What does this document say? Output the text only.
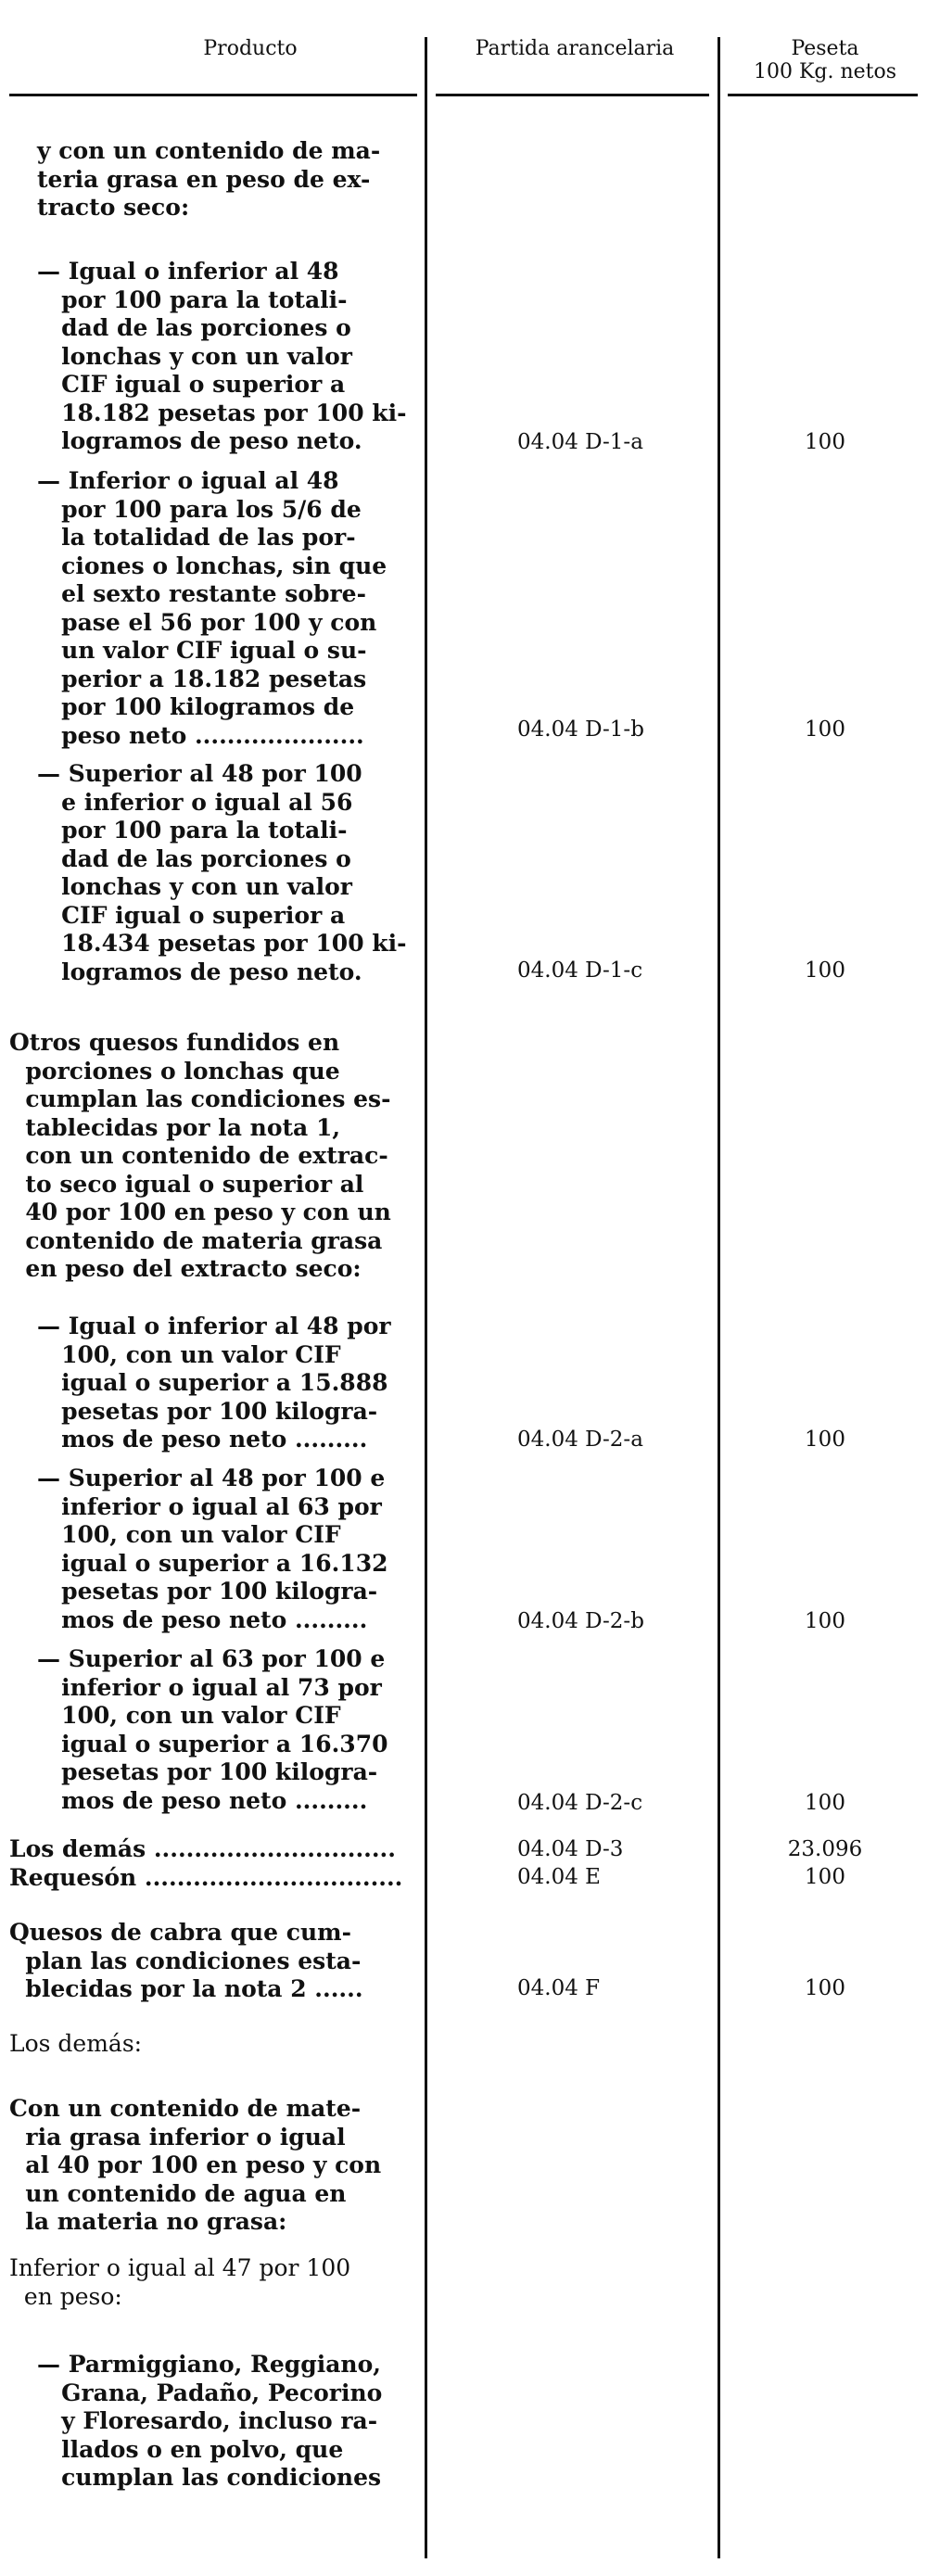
Producto	Partida arancelaria	Peseta
100 Kg. netos
y con un contenido de ma-
teria grasa en peso de ex-
tracto seco:
— Igual o inferior al 48
por 100 para la totali-
dad de las porciones o
lonchas y con un valor
CIF igual o superior a
18.182 pesetas por 100 ki-
logramos de peso neto.
— Inferior o igual al 48
por 100 para los 5/6 de
la totalidad de las por-
ciones o lonchas, sin que
el sexto restante sobre-
pase el 56 por 100 y con
un valor CIF igual o su-
perior a 18.182 pesetas
por 100 kilogramos de
peso neto .....................
— Superior al 48 por 100
e inferior o igual al 56
por 100 para la totali-
dad de las porciones o
lonchas y con un valor
CIF igual o superior a
18.434 pesetas por 100 ki-
logramos de peso neto.
Otros quesos fundidos en
porciones o lonchas que
cumplan las condiciones es-
tablecidas por la nota 1,
con un contenido de extrac-
to seco igual o superior al
40 por 100 en peso y con un
contenido de materia grasa
en peso del extracto seco:
— Igual o inferior al 48 por
100, con un valor CIF
igual o superior a 15.888
pesetas por 100 kilogra-
mos de peso neto .........
— Superior al 48 por 100 e
inferior o igual al 63 por
100, con un valor CIF
igual o superior a 16.132
pesetas por 100 kilogra-
mos de peso neto .........
— Superior al 63 por 100 e
inferior o igual al 73 por
100, con un valor CIF
igual o superior a 16.370
pesetas por 100 kilogra-
mos de peso neto .........
Los demás ..............................
Requesón ................................
Quesos de cabra que cum-
plan las condiciones esta-
blecidas por la nota 2 ......
Los demás:
Con un contenido de mate-
ria grasa inferior o igual
al 40 por 100 en peso y con
un contenido de agua en
la materia no grasa:
Inferior o igual al 47 por 100
en peso:
— Parmiggiano, Reggiano,
Grana, Padaño, Pecorino
y Floresardo, incluso ra-
llados o en polvo, que
cumplan las condiciones
04.04 D-1-a
04.04 D-1-b
04.04 D-1-c
04.04 D-2-a
04.04 D-2-b
04.04 D-2-c
04.04 D-3
04.04 E
04.04 F
100
100
100
100
100
100
23.096
100
100
